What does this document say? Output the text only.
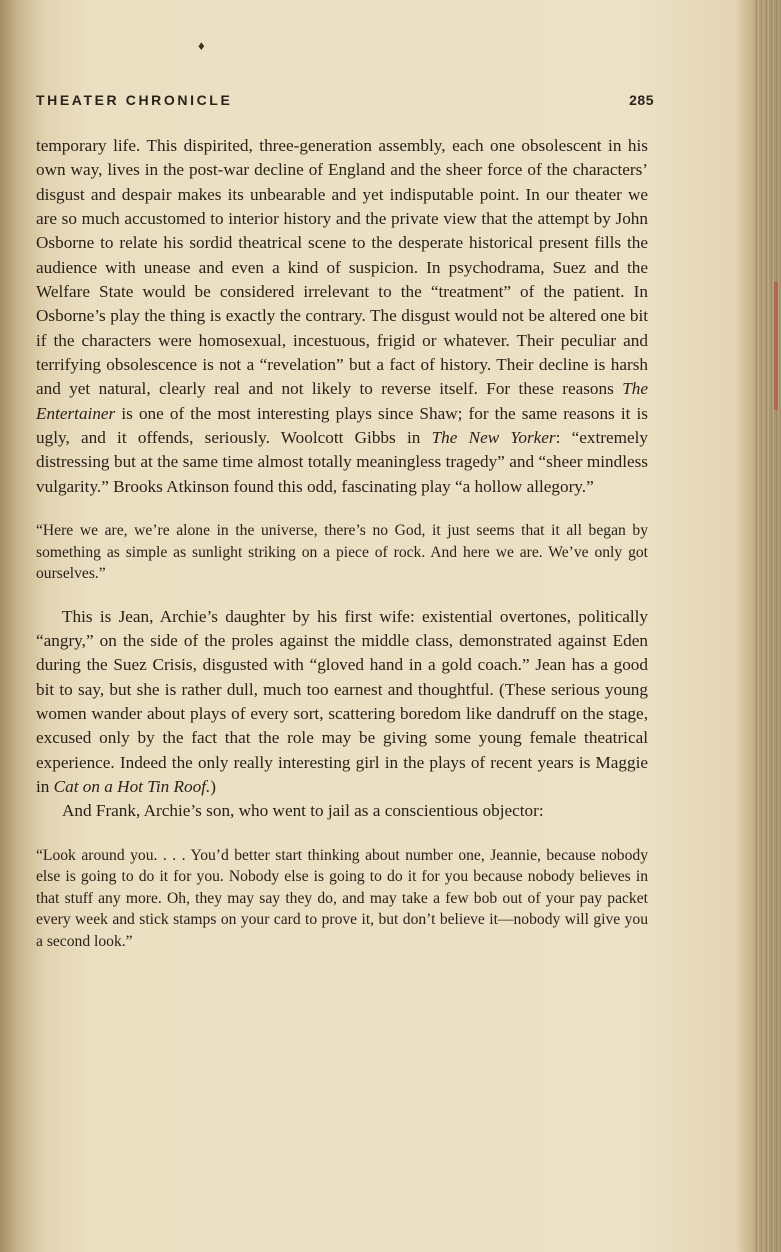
♦
THEATER CHRONICLE	285

temporary life. This dispirited, three-generation assembly, each one obsolescent in his own way, lives in the post-war decline of England and the sheer force of the characters’ disgust and despair makes its unbearable and yet indisputable point. In our theater we are so much accustomed to interior history and the private view that the attempt by John Osborne to relate his sordid theatrical scene to the desperate historical present fills the audience with unease and even a kind of suspicion. In psychodrama, Suez and the Welfare State would be considered irrelevant to the “treatment” of the patient. In Osborne’s play the thing is exactly the contrary. The disgust would not be altered one bit if the characters were homosexual, incestuous, frigid or whatever. Their peculiar and terrifying obsolescence is not a “revelation” but a fact of history. Their decline is harsh and yet natural, clearly real and not likely to reverse itself. For these reasons The Entertainer is one of the most interesting plays since Shaw; for the same reasons it is ugly, and it offends, seriously. Woolcott Gibbs in The New Yorker: “extremely distressing but at the same time almost totally meaningless tragedy” and “sheer mindless vulgarity.” Brooks Atkinson found this odd, fascinating play “a hollow allegory.”

“Here we are, we’re alone in the universe, there’s no God, it just seems that it all began by something as simple as sunlight striking on a piece of rock. And here we are. We’ve only got ourselves.”

This is Jean, Archie’s daughter by his first wife: existential overtones, politically “angry,” on the side of the proles against the middle class, demonstrated against Eden during the Suez Crisis, disgusted with “gloved hand in a gold coach.” Jean has a good bit to say, but she is rather dull, much too earnest and thoughtful. (These serious young women wander about plays of every sort, scattering boredom like dandruff on the stage, excused only by the fact that the role may be giving some young female theatrical experience. Indeed the only really interesting girl in the plays of recent years is Maggie in Cat on a Hot Tin Roof.)

And Frank, Archie’s son, who went to jail as a conscientious objector:

“Look around you. . . . You’d better start thinking about number one, Jeannie, because nobody else is going to do it for you. Nobody else is going to do it for you because nobody believes in that stuff any more. Oh, they may say they do, and may take a few bob out of your pay packet every week and stick stamps on your card to prove it, but don’t believe it—nobody will give you a second look.”
